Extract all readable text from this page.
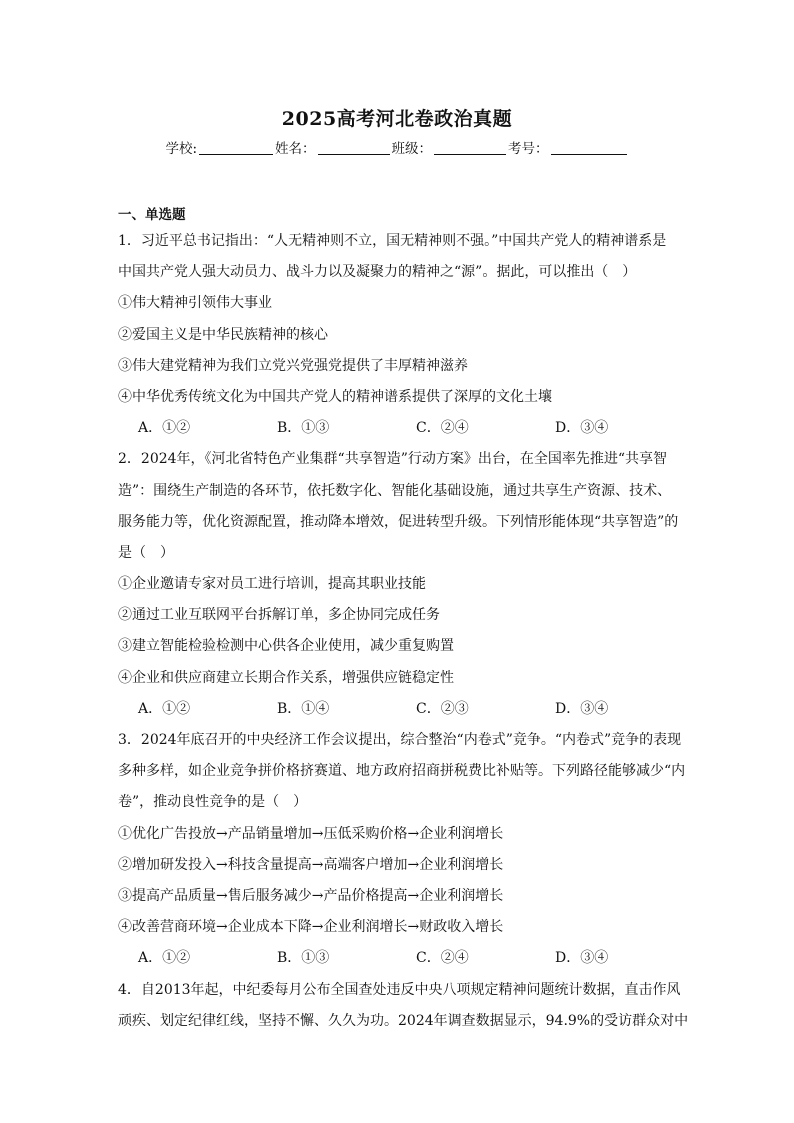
2025高考河北卷政治真题
学校:	姓名：	班级：	考号：
一、单选题
1．习近平总书记指出：“人无精神则不立，国无精神则不强。”中国共产党人的精神谱系是
中国共产党人强大动员力、战斗力以及凝聚力的精神之“源”。据此，可以推出（　）
①伟大精神引领伟大事业
②爱国主义是中华民族精神的核心
③伟大建党精神为我们立党兴党强党提供了丰厚精神滋养
④中华优秀传统文化为中国共产党人的精神谱系提供了深厚的文化土壤
A．①②	B．①③	C．②④	D．③④
2．2024年，《河北省特色产业集群“共享智造”行动方案》出台，在全国率先推进“共享智
造”：围绕生产制造的各环节，依托数字化、智能化基础设施，通过共享生产资源、技术、
服务能力等，优化资源配置，推动降本增效，促进转型升级。下列情形能体现“共享智造”的
是（　）
①企业邀请专家对员工进行培训，提高其职业技能
②通过工业互联网平台拆解订单，多企协同完成任务
③建立智能检验检测中心供各企业使用，减少重复购置
④企业和供应商建立长期合作关系，增强供应链稳定性
A．①②	B．①④	C．②③	D．③④
3．2024年底召开的中央经济工作会议提出，综合整治“内卷式”竞争。“内卷式”竞争的表现
多种多样，如企业竞争拼价格挤赛道、地方政府招商拼税费比补贴等。下列路径能够减少“内
卷”，推动良性竞争的是（　）
①优化广告投放→产品销量增加→压低采购价格→企业利润增长
②增加研发投入→科技含量提高→高端客户增加→企业利润增长
③提高产品质量→售后服务减少→产品价格提高→企业利润增长
④改善营商环境→企业成本下降→企业利润增长→财政收入增长
A．①②	B．①③	C．②④	D．③④
4．自2013年起，中纪委每月公布全国查处违反中央八项规定精神问题统计数据，直击作风
顽疾、划定纪律红线，坚持不懈、久久为功。2024年调查数据显示，94.9%的受访群众对中
